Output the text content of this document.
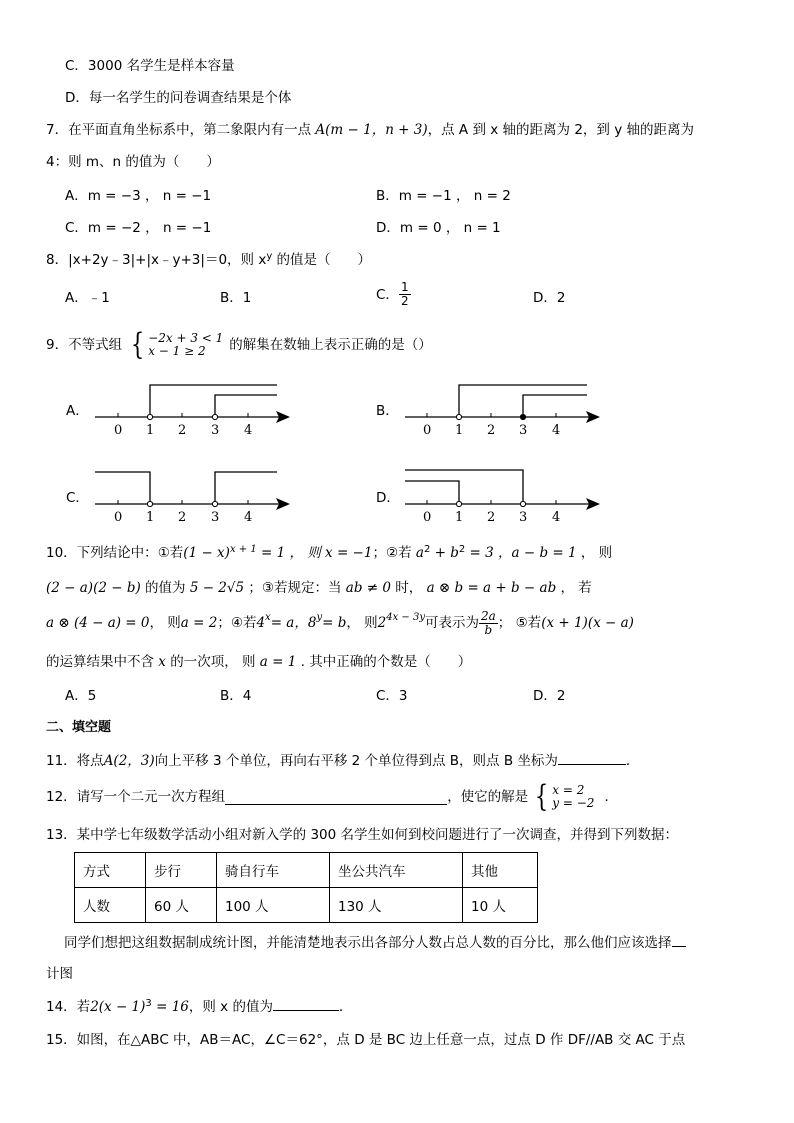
C．3000 名学生是样本容量
D．每一名学生的问卷调查结果是个体
7．在平面直角坐标系中，第二象限内有一点 A(m − 1，n + 3)，点 A 到 x 轴的距离为 2，到 y 轴的距离为
4：则 m、n 的值为（　　）
A．m = −3 ， n = −1	B．m = −1 ， n = 2
C．m = −2 ， n = −1	D．m = 0 ， n = 1
8．|x+2y﹣3|+|x﹣y+3|＝0，则 $x^y$ 的值是（　　）
A．﹣1	B．1	C． $\frac{1}{2}$	D．2
9．不等式组 { −2x + 3 < 1
x − 1 ≥ 2	的解集在数轴上表示正确的是（）
A．	B．
C．	D．
0 1 2 3 4	0 1 2 3 4
0 1 2 3 4	0 1 2 3 4
10．下列结论中：①若$(1 - x)^{x + 1} = 1$ ， 则 x = −1；②若 $a^2 + b^2 = 3$ ，a − b = 1 ， 则
(2 − a)(2 − b) 的值为 5 − 2√5 ；③若规定：当 ab ≠ 0 时， a ⊗ b = a + b − ab ， 若
a ⊗ (4 − a) = 0 ， 则 a = 2 ；④若 4 x = a，8 y = b ， 则 2 4x − 3y 可表示为 $\frac{2a}{b}$ ； ⑤若 (x + 1)(x − a)
的运算结果中不含 x 的一次项， 则 a = 1 . 其中正确的个数是（　　）
A．5	B．4	C．3	D．2
二、填空题
11．将点A(2，3)向上平移 3 个单位，再向右平移 2 个单位得到点 B，则点 B 坐标为	．
12．请写一个二元一次方程组	，使它的解是 { x = 2
y = −2 ．
13．某中学七年级数学活动小组对新入学的 300 名学生如何到校问题进行了一次调查，并得到下列数据：
方式	步行	骑自行车	坐公共汽车	其他
人数	60 人	100 人	130 人	10 人
同学们想把这组数据制成统计图，并能清楚地表示出各部分人数占总人数的百分比，那么他们应该选择
计图
14．若$2(x - 1)^3 = 16$，则 x 的值为	．
15．如图，在△ABC 中，AB＝AC，∠C＝62°，点 D 是 BC 边上任意一点，过点 D 作 DF//AB 交 AC 于点
